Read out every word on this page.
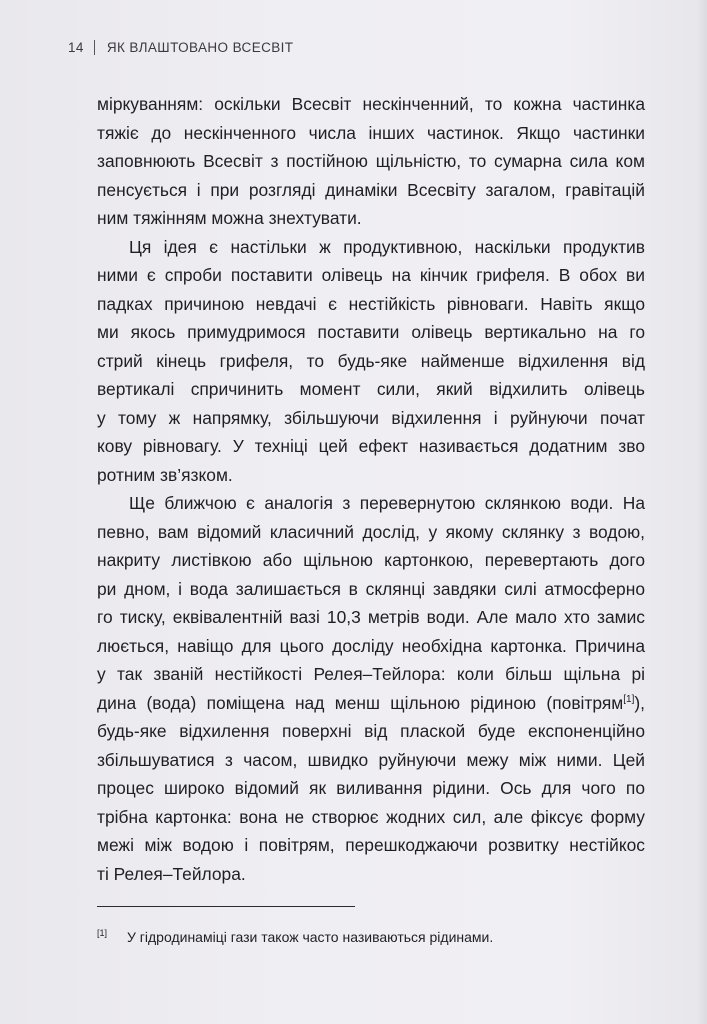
14 ЯК ВЛАШТОВАНО ВСЕСВІТ
міркуванням: оскільки Всесвіт нескінченний, то кожна частинка
тяжіє до нескінченного числа інших частинок. Якщо частинки
заповнюють Всесвіт з постійною щільністю, то сумарна сила ком
пенсується і при розгляді динаміки Всесвіту загалом, гравітацій
ним тяжінням можна знехтувати.
Ця ідея є настільки ж продуктивною, наскільки продуктив
ними є спроби поставити олівець на кінчик грифеля. В обох ви
падках причиною невдачі є нестійкість рівноваги. Навіть якщо
ми якось примудримося поставити олівець вертикально на го
стрий кінець грифеля, то будь-яке найменше відхилення від
вертикалі спричинить момент сили, який відхилить олівець
у тому ж напрямку, збільшуючи відхилення і руйнуючи почат
кову рівновагу. У техніці цей ефект називається додатним зво
ротним зв’язком.
Ще ближчою є аналогія з перевернутою склянкою води. На
певно, вам відомий класичний дослід, у якому склянку з водою,
накриту листівкою або щільною картонкою, перевертають дого
ри дном, і вода залишається в склянці завдяки силі атмосферно
го тиску, еквівалентній вазі 10,3 метрів води. Але мало хто замис
люється, навіщо для цього досліду необхідна картонка. Причина
у так званій нестійкості Релея–Тейлора: коли більш щільна рі
дина (вода) поміщена над менш щільною рідиною (повітрям[1]),
будь-яке відхилення поверхні від плаской буде експоненційно
збільшуватися з часом, швидко руйнуючи межу між ними. Цей
процес широко відомий як виливання рідини. Ось для чого по
трібна картонка: вона не створює жодних сил, але фіксує форму
межі між водою і повітрям, перешкоджаючи розвитку нестійкос
ті Релея–Тейлора.
[1] У гідродинаміці гази також часто називаються рідинами.
